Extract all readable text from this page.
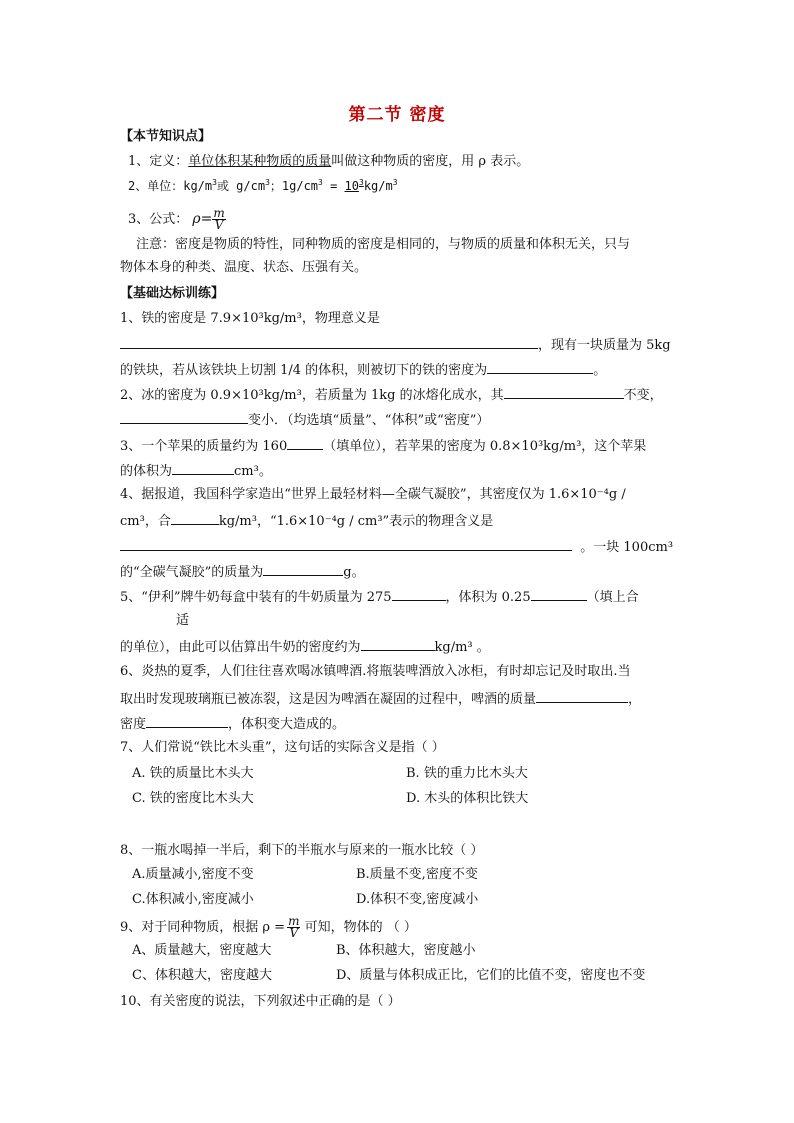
第二节 密度
【本节知识点】
1、定义：单位体积某种物质的质量叫做这种物质的密度，用 ρ 表示。
2、单位：$kg/m^3$或 $g/cm^3$；$1g/cm^3 = 10^3kg/m^3$
3、公式： $\rho= \frac{m}{V}$
注意：密度是物质的特性，同种物质的密度是相同的，与物质的质量和体积无关，只与
物体本身的种类、温度、状态、压强有关。
【基础达标训练】
1、铁的密度是 7.9×10³kg/m³，物理意义是
，现有一块质量为 5kg
的铁块，若从该铁块上切割 1/4 的体积，则被切下的铁的密度为	。
2、冰的密度为 0.9×10³kg/m³，若质量为 1kg 的冰熔化成水，其	不变，
变小．（均选填“质量”、“体积”或“密度”）
3、一个苹果的质量约为 160	（填单位），若苹果的密度为 0.8×10³kg/m³，这个苹果
的体积为	cm³。
4、据报道，我国科学家造出“世界上最轻材料—全碳气凝胶”，其密度仅为 1.6×10⁻⁴g /
cm³，合	kg/m³，“1.6×10⁻⁴g / cm³”表示的物理含义是
。一块 100cm³
的“全碳气凝胶”的质量为	g。
5、“伊利”牌牛奶每盒中装有的牛奶质量为 275	，体积为 0.25	（填上合
适
的单位），由此可以估算出牛奶的密度约为	kg/m³ 。
6、炎热的夏季，人们往往喜欢喝冰镇啤酒.将瓶装啤酒放入冰柜，有时却忘记及时取出.当
取出时发现玻璃瓶已被冻裂，这是因为啤酒在凝固的过程中，啤酒的质量	，
密度	，体积变大造成的。
7、人们常说“铁比木头重”，这句话的实际含义是指（ ）
A. 铁的质量比木头大	B. 铁的重力比木头大
C. 铁的密度比木头大	D. 木头的体积比铁大
8、一瓶水喝掉一半后，剩下的半瓶水与原来的一瓶水比较（ ）
A.质量减小,密度不变	B.质量不变,密度不变
C.体积减小,密度减小	D.体积不变,密度减小
9、对于同种物质，根据 $\rho = \frac{m}{V}$ 可知，物体的 （ ）
A、质量越大，密度越大	B、体积越大，密度越小
C、体积越大，密度越大	D、质量与体积成正比，它们的比值不变，密度也不变
10、有关密度的说法，下列叙述中正确的是（ ）
